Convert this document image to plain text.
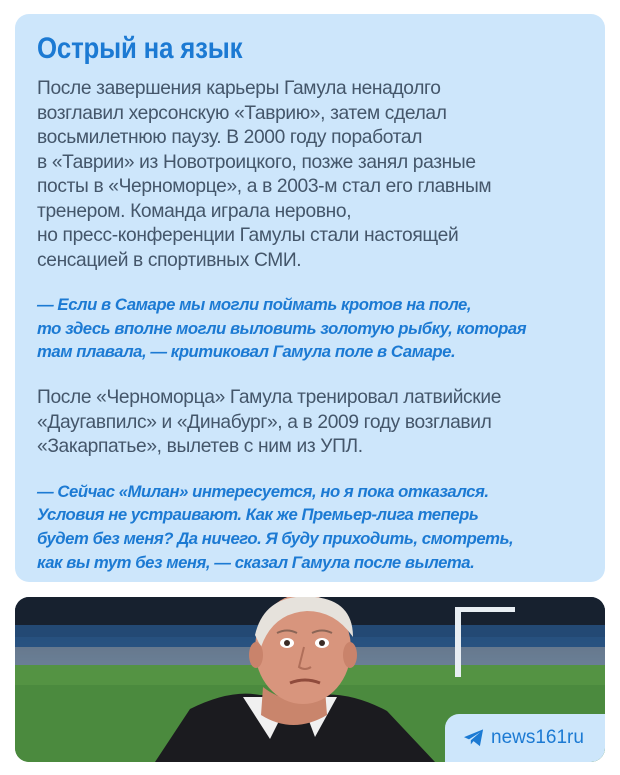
Острый на язык
После завершения карьеры Гамула ненадолго
возглавил херсонскую «Таврию», затем сделал
восьмилетнюю паузу. В 2000 году поработал
в «Таврии» из Новотроицкого, позже занял разные
посты в «Черноморце», а в 2003-м стал его главным
тренером. Команда играла неровно,
но пресс-конференции Гамулы стали настоящей
сенсацией в спортивных СМИ.
— Если в Самаре мы могли поймать кротов на поле,
то здесь вполне могли выловить золотую рыбку, которая
там плавала, — критиковал Гамула поле в Самаре.
После «Черноморца» Гамула тренировал латвийские
«Даугавпилс» и «Динабург», а в 2009 году возглавил
«Закарпатье», вылетев с ним из УПЛ.
— Сейчас «Милан» интересуется, но я пока отказался.
Условия не устраивают. Как же Премьер-лига теперь
будет без меня? Да ничего. Я буду приходить, смотреть,
как вы тут без меня, — сказал Гамула после вылета.
news161ru
